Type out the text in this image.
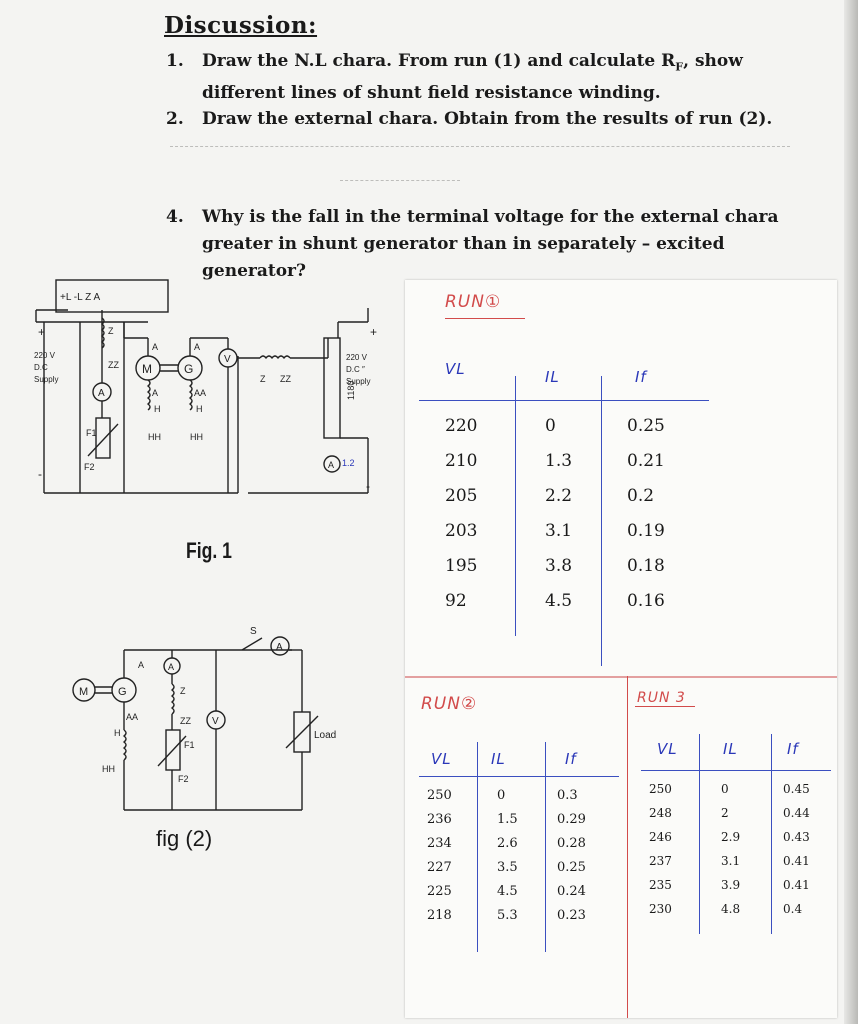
Discussion:
1. Draw the N.L chara. From run (1) and calculate $R_F$, show
different lines of shunt field resistance winding.
2. Draw the external chara. Obtain from the results of run (2).
4. Why is the fall in the terminal voltage for the external chara
greater in shunt generator than in separately – excited generator?
+L -L Z A
+
220 V
D.C
Supply
-
Z
ZZ
A
F1
F2
M
A
A
H
HH
G
A
AA
H
HH
V
Z ZZ
1180
+
220 V
D.C ″
Supply
-
A 1.2
Fig. 1
M	G
A
AA
H
HH
A
Z
ZZ
F1
F2
V
S
A
Load
fig (2)
RUN①
VL	IL	If
220	0	0.25
210	1.3	0.21
205	2.2	0.2
203	3.1	0.19
195	3.8	0.18
92	4.5	0.16
RUN②
VL	IL	If
250	0	0.3
236	1.5	0.29
234	2.6	0.28
227	3.5	0.25
225	4.5	0.24
218	5.3	0.23
RUN 3
VL	IL	If
250	0	0.45
248	2	0.44
246	2.9	0.43
237	3.1	0.41
235	3.9	0.41
230	4.8	0.4
